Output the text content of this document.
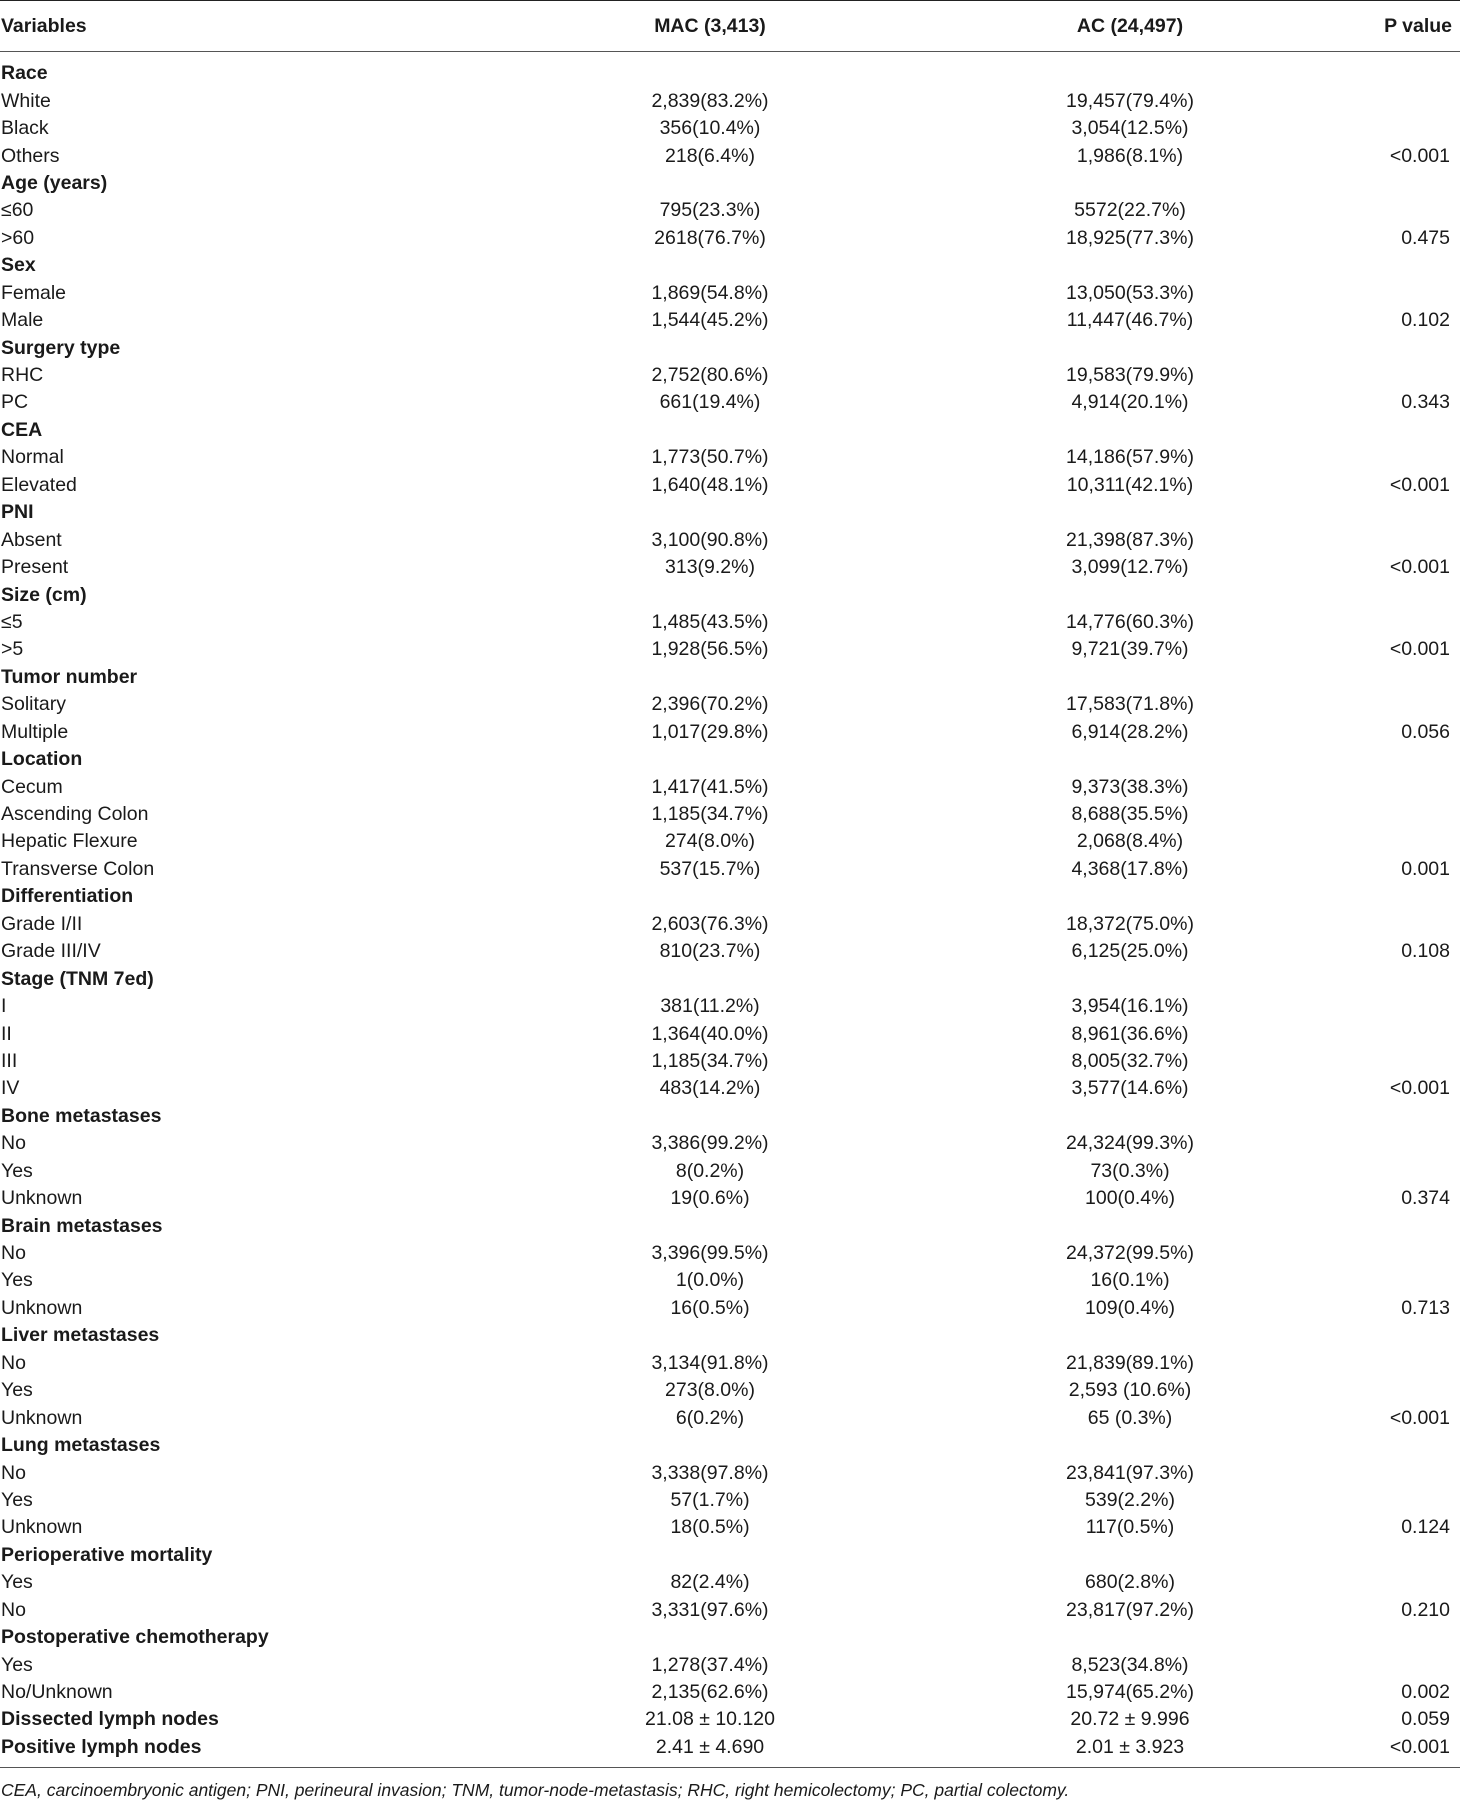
Variables	MAC (3,413)	AC (24,497)	P value
Race			
White	2,839(83.2%)	19,457(79.4%)	
Black	356(10.4%)	3,054(12.5%)	
Others	218(6.4%)	1,986(8.1%)	<0.001
Age (years)			
≤60	795(23.3%)	5572(22.7%)	
>60	2618(76.7%)	18,925(77.3%)	0.475
Sex			
Female	1,869(54.8%)	13,050(53.3%)	
Male	1,544(45.2%)	11,447(46.7%)	0.102
Surgery type			
RHC	2,752(80.6%)	19,583(79.9%)	
PC	661(19.4%)	4,914(20.1%)	0.343
CEA			
Normal	1,773(50.7%)	14,186(57.9%)	
Elevated	1,640(48.1%)	10,311(42.1%)	<0.001
PNI			
Absent	3,100(90.8%)	21,398(87.3%)	
Present	313(9.2%)	3,099(12.7%)	<0.001
Size (cm)			
≤5	1,485(43.5%)	14,776(60.3%)	
>5	1,928(56.5%)	9,721(39.7%)	<0.001
Tumor number			
Solitary	2,396(70.2%)	17,583(71.8%)	
Multiple	1,017(29.8%)	6,914(28.2%)	0.056
Location			
Cecum	1,417(41.5%)	9,373(38.3%)	
Ascending Colon	1,185(34.7%)	8,688(35.5%)	
Hepatic Flexure	274(8.0%)	2,068(8.4%)	
Transverse Colon	537(15.7%)	4,368(17.8%)	0.001
Differentiation			
Grade I/II	2,603(76.3%)	18,372(75.0%)	
Grade III/IV	810(23.7%)	6,125(25.0%)	0.108
Stage (TNM 7ed)			
I	381(11.2%)	3,954(16.1%)	
II	1,364(40.0%)	8,961(36.6%)	
III	1,185(34.7%)	8,005(32.7%)	
IV	483(14.2%)	3,577(14.6%)	<0.001
Bone metastases			
No	3,386(99.2%)	24,324(99.3%)	
Yes	8(0.2%)	73(0.3%)	
Unknown	19(0.6%)	100(0.4%)	0.374
Brain metastases			
No	3,396(99.5%)	24,372(99.5%)	
Yes	1(0.0%)	16(0.1%)	
Unknown	16(0.5%)	109(0.4%)	0.713
Liver metastases			
No	3,134(91.8%)	21,839(89.1%)	
Yes	273(8.0%)	2,593 (10.6%)	
Unknown	6(0.2%)	65 (0.3%)	<0.001
Lung metastases			
No	3,338(97.8%)	23,841(97.3%)	
Yes	57(1.7%)	539(2.2%)	
Unknown	18(0.5%)	117(0.5%)	0.124
Perioperative mortality			
Yes	82(2.4%)	680(2.8%)	
No	3,331(97.6%)	23,817(97.2%)	0.210
Postoperative chemotherapy			
Yes	1,278(37.4%)	8,523(34.8%)	
No/Unknown	2,135(62.6%)	15,974(65.2%)	0.002
Dissected lymph nodes	21.08 ± 10.120	20.72 ± 9.996	0.059
Positive lymph nodes	2.41 ± 4.690	2.01 ± 3.923	<0.001
CEA, carcinoembryonic antigen; PNI, perineural invasion; TNM, tumor-node-metastasis; RHC, right hemicolectomy; PC, partial colectomy.
